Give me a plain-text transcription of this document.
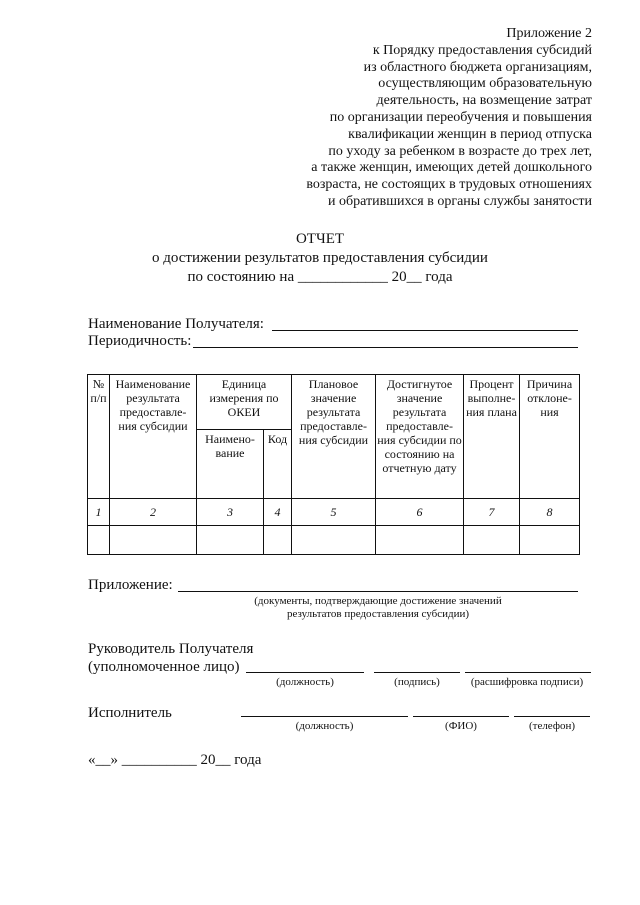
Приложение 2
к Порядку предоставления субсидий
из областного бюджета организациям,
осуществляющим образовательную
деятельность, на возмещение затрат
по организации переобучения и повышения
квалификации женщин в период отпуска
по уходу за ребенком в возрасте до трех лет,
а также женщин, имеющих детей дошкольного
возраста, не состоящих в трудовых отношениях
и обратившихся в органы службы занятости
ОТЧЕТ
о достижении результатов предоставления субсидии
по состоянию на ____________ 20__ года
Наименование Получателя:
Периодичность:
№ п/п	Наименование результата предоставле-ния субсидии	Единица измерения по ОКЕИ		Плановое значение результата предоставле-ния субсидии	Достигнутое значение результата предоставле-ния субсидии по состоянию на отчетную дату	Процент выполне-ния плана	Причина отклоне-ния
		Наимено-вание	Код				
1	2	3	4	5	6	7	8

Приложение:
(документы, подтверждающие достижение значений
результатов предоставления субсидии)
Руководитель Получателя
(уполномоченное лицо)
(должность)	(подпись)	(расшифровка подписи)
Исполнитель
(должность)	(ФИО)	(телефон)
«__» __________ 20__ года
